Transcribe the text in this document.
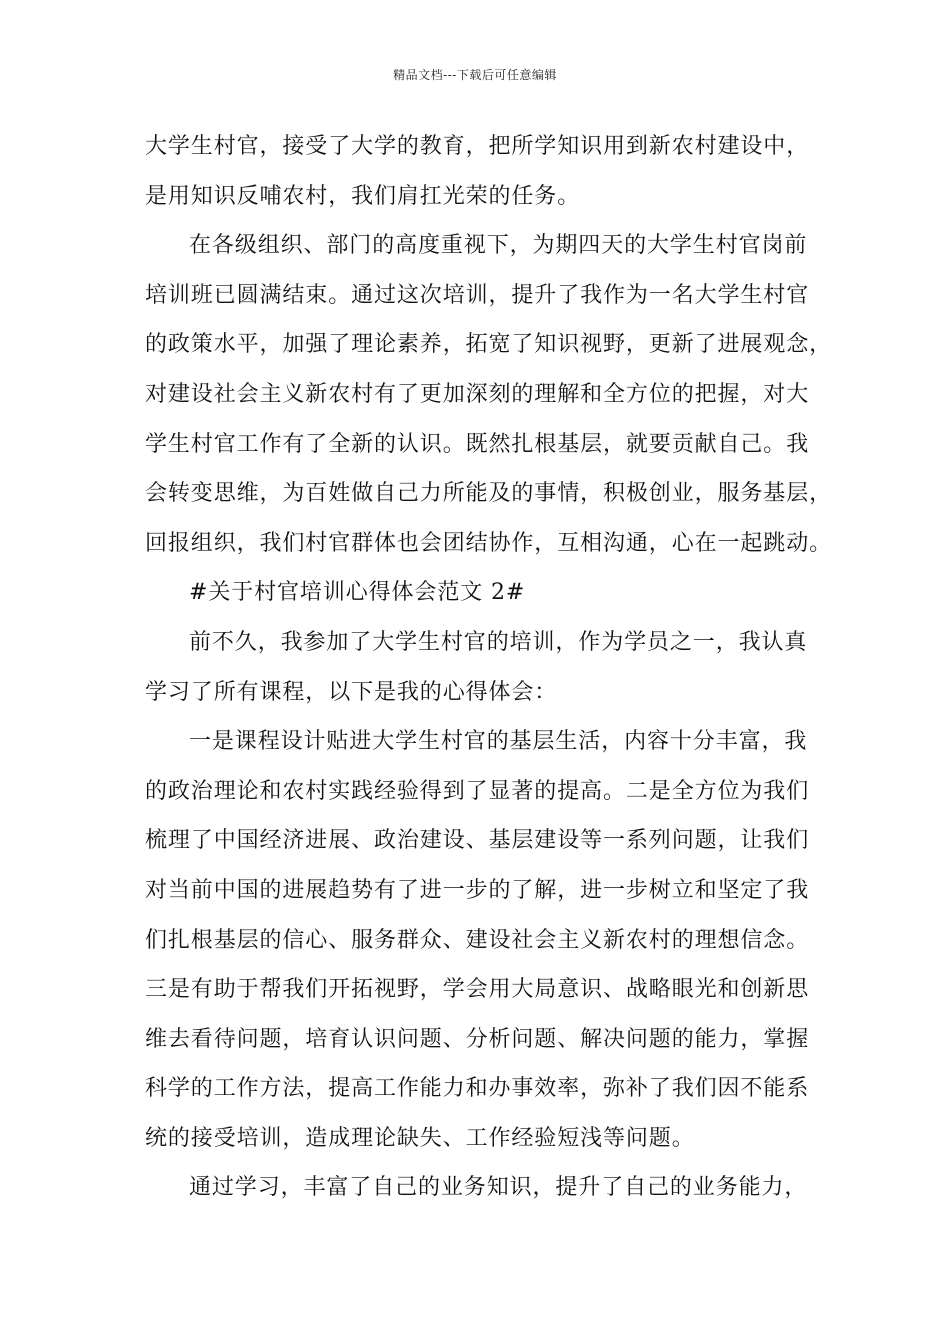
精品文档---下载后可任意编辑
大学生村官，接受了大学的教育，把所学知识用到新农村建设中，
是用知识反哺农村，我们肩扛光荣的任务。
在各级组织、部门的高度重视下，为期四天的大学生村官岗前
培训班已圆满结束。通过这次培训，提升了我作为一名大学生村官
的政策水平，加强了理论素养，拓宽了知识视野，更新了进展观念，
对建设社会主义新农村有了更加深刻的理解和全方位的把握，对大
学生村官工作有了全新的认识。既然扎根基层，就要贡献自己。我
会转变思维，为百姓做自己力所能及的事情，积极创业，服务基层，
回报组织，我们村官群体也会团结协作，互相沟通，心在一起跳动。
#关于村官培训心得体会范文 2#
前不久，我参加了大学生村官的培训，作为学员之一，我认真
学习了所有课程，以下是我的心得体会：
一是课程设计贴进大学生村官的基层生活，内容十分丰富，我
的政治理论和农村实践经验得到了显著的提高。二是全方位为我们
梳理了中国经济进展、政治建设、基层建设等一系列问题，让我们
对当前中国的进展趋势有了进一步的了解，进一步树立和坚定了我
们扎根基层的信心、服务群众、建设社会主义新农村的理想信念。
三是有助于帮我们开拓视野，学会用大局意识、战略眼光和创新思
维去看待问题，培育认识问题、分析问题、解决问题的能力，掌握
科学的工作方法，提高工作能力和办事效率，弥补了我们因不能系
统的接受培训，造成理论缺失、工作经验短浅等问题。
通过学习，丰富了自己的业务知识，提升了自己的业务能力，
